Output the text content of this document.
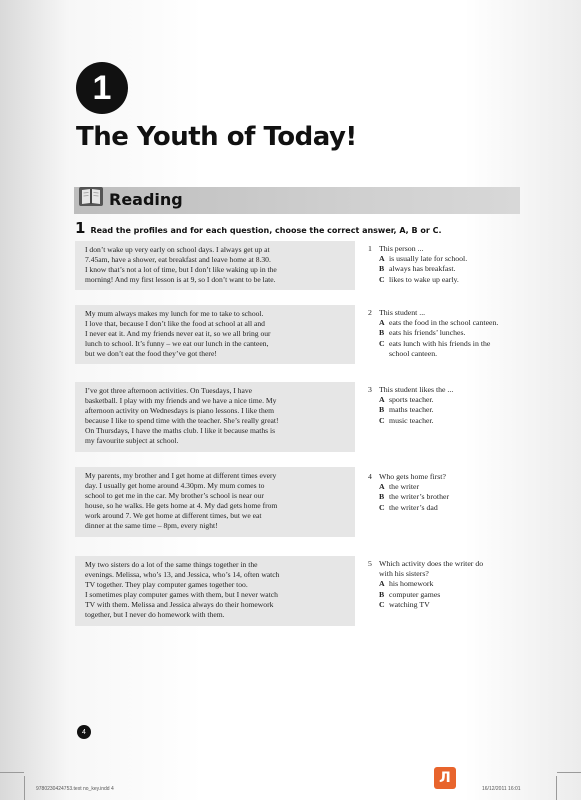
1
The Youth of Today!
Reading
1 Read the profiles and for each question, choose the correct answer, A, B or C.

I don’t wake up very early on school days. I always get up at

7.45am, have a shower, eat breakfast and leave home at 8.30.

I know that’s not a lot of time, but I don’t like waking up in the

morning! And my first lesson is at 9, so I don’t want to be late.

My mum always makes my lunch for me to take to school.

I love that, because I don’t like the food at school at all and

I never eat it. And my friends never eat it, so we all bring our

lunch to school. It’s funny – we eat our lunch in the canteen,

but we don’t eat the food they’ve got there!

I’ve got three afternoon activities. On Tuesdays, I have

basketball. I play with my friends and we have a nice time. My

afternoon activity on Wednesdays is piano lessons. I like them

because I like to spend time with the teacher. She’s really great!

On Thursdays, I have the maths club. I like it because maths is

my favourite subject at school.

My parents, my brother and I get home at different times every

day. I usually get home around 4.30pm. My mum comes to

school to get me in the car. My brother’s school is near our

house, so he walks. He gets home at 4. My dad gets home from

work around 7. We get home at different times, but we eat

dinner at the same time – 8pm, every night!

My two sisters do a lot of the same things together in the

evenings. Melissa, who’s 13, and Jessica, who’s 14, often watch

TV together. They play computer games together too.

I sometimes play computer games with them, but I never watch

TV with them. Melissa and Jessica always do their homework

together, but I never do homework with them.

1 This person ...
A is usually late for school.
B always has breakfast.
C likes to wake up early.
2 This student ...
A eats the food in the school canteen.
B eats his friends’ lunches.
C eats lunch with his friends in the
school canteen.
3 This student likes the ...
A sports teacher.
B maths teacher.
C music teacher.
4 Who gets home first?
A the writer
B the writer’s brother
C the writer’s dad
5 Which activity does the writer do
with his sisters?
A his homework
B computer games
C watching TV
4
9780230424753.text no_key.indd 4	16/12/2011 16:01
Л
